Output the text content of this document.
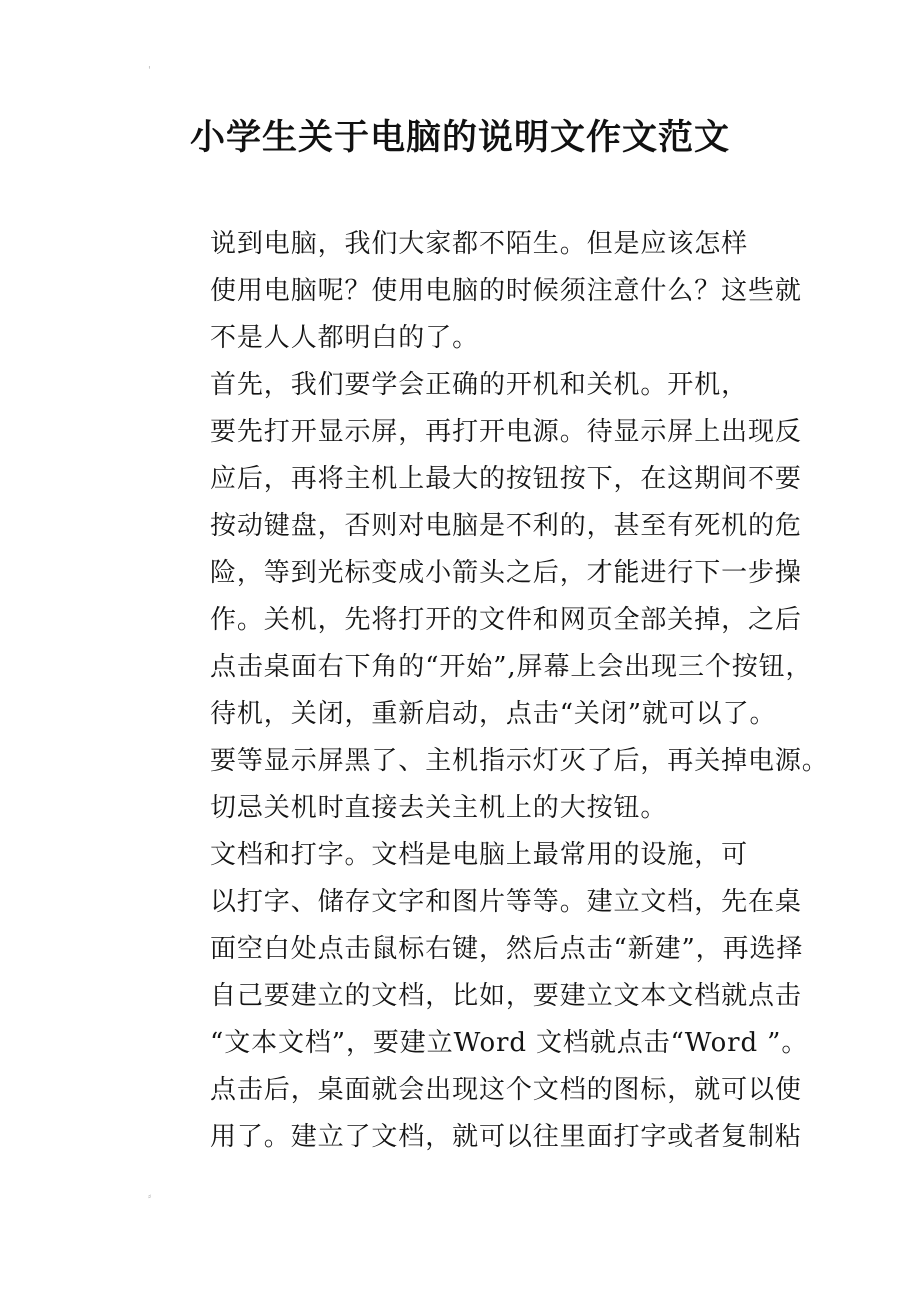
'
小学生关于电脑的说明文作文范文

说到电脑，我们大家都不陌生。但是应该怎样
使用电脑呢？使用电脑的时候须注意什么？这些就
不是人人都明白的了。

首先，我们要学会正确的开机和关机。开机，
要先打开显示屏，再打开电源。待显示屏上出现反
应后，再将主机上最大的按钮按下，在这期间不要
按动键盘，否则对电脑是不利的，甚至有死机的危
险，等到光标变成小箭头之后，才能进行下一步操
作。关机，先将打开的文件和网页全部关掉，之后
点击桌面右下角的“开始”,屏幕上会出现三个按钮，
待机，关闭，重新启动，点击“关闭”就可以了。
要等显示屏黑了、主机指示灯灭了后，再关掉电源。
切忌关机时直接去关主机上的大按钮。

文档和打字。文档是电脑上最常用的设施，可
以打字、储存文字和图片等等。建立文档，先在桌
面空白处点击鼠标右键，然后点击“新建”，再选择
自己要建立的文档，比如，要建立文本文档就点击
“文本文档”，要建立Word 文档就点击“Word ”。
点击后，桌面就会出现这个文档的图标，就可以使
用了。建立了文档，就可以往里面打字或者复制粘

⸗
